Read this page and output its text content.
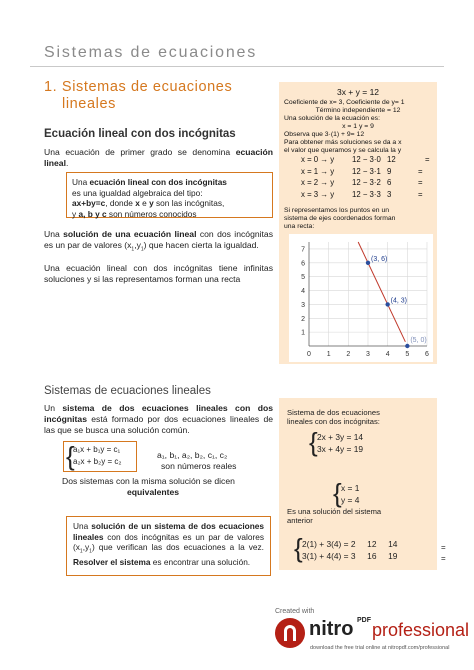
Sistemas de ecuaciones
1. Sistemas de ecuaciones
lineales
Ecuación lineal con dos incógnitas
Una ecuación de primer grado se denomina ecuación lineal.
Una ecuación lineal con dos incógnitas
es una igualdad algebraica del tipo:
ax+by=c, donde x e y son las incógnitas,
y a, b y c son números conocidos
Una solución de una ecuación lineal con dos incógnitas es un par de valores $(x_1,y_1)$ que hacen cierta la igualdad.
Una ecuación lineal con dos incógnitas tiene infinitas soluciones y si las representamos forman una recta
3x + y = 12
Coeficiente de x= 3, Coeficiente de y= 1
Término independiente = 12
Una solución de la ecuación es:
x = 1 y = 9
Observa que 3·(1) + 9= 12
Para obtener más soluciones se da a x
el valor que queramos y se calcula la y
x = 0 → y 12 − 3·0 12	=
x = 1 → y 12 − 3·1 9	=
x = 2 → y 12 − 3·2 6	=
x = 3 → y 12 − 3·3 3	=
Si representamos los puntos en un
sistema de ejes coordenados forman
una recta:
0 1 2 3 4 5 6
1
2
3
4
5
6
7
(3, 6)
(4, 3)
(5, 0)
Sistemas de ecuaciones lineales
Un sistema de dos ecuaciones lineales con dos incógnitas está formado por dos ecuaciones lineales de las que se busca una solución común.
{
a₁x + b₁y = c₁
a₂x + b₂y = c₂
a₁, b₁, a₂, b₂, c₁, c₂
son números reales
Dos sistemas con la misma solución se dicen
equivalentes
Una solución de un sistema de dos ecuaciones lineales con dos incógnitas es un par de valores $(x_1,y_1)$ que verifican las dos ecuaciones a la vez. Resolver el sistema es encontrar una solución.
Sistema de dos ecuaciones
lineales con dos incógnitas:
{ 2x + 3y = 14
3x + 4y = 19
{ x = 1
y = 4
Es una solución del sistema
anterior
{ 2(1) + 3(4) = 2     12     14
3(1) + 4(4) = 3     16     19
=
=
Created with
nitro PDF professional
download the free trial online at nitropdf.com/professional
